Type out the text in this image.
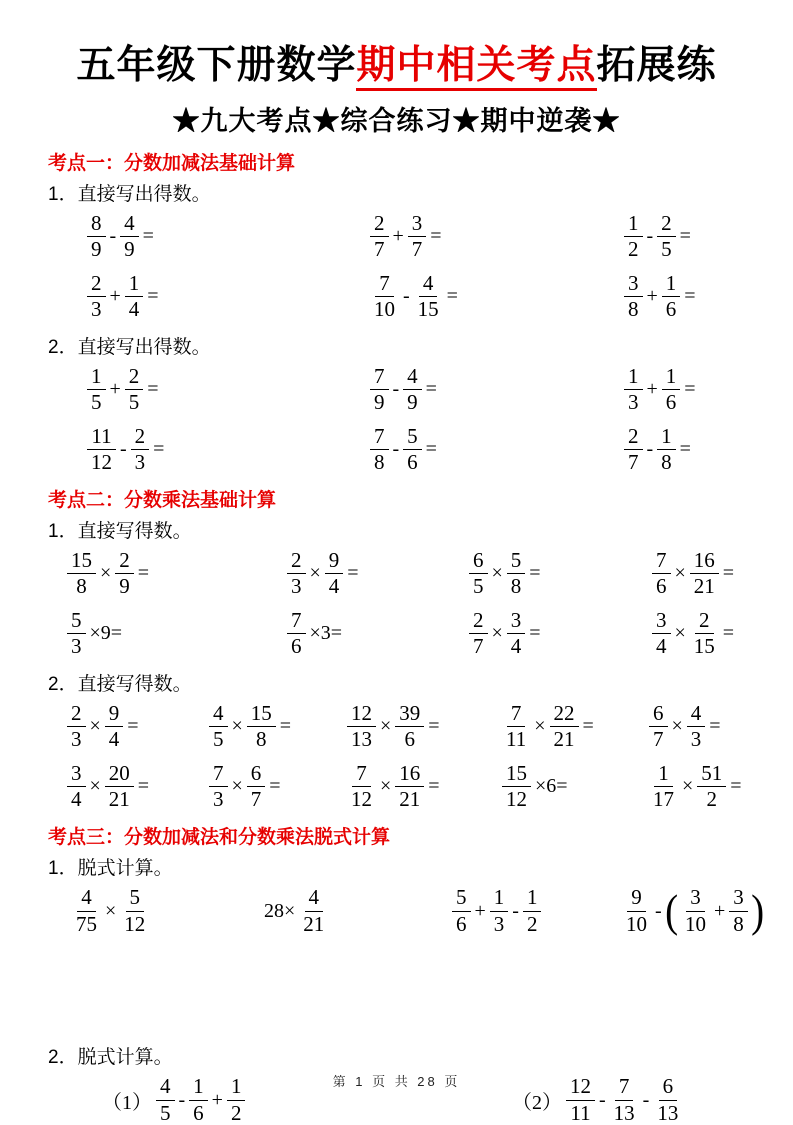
五年级下册数学期中相关考点拓展练
★九大考点★综合练习★期中逆袭★
考点一：分数加减法基础计算
1．直接写出得数。
$\frac{8}{9} - \frac{4}{9}$ =	$\frac{2}{7} + \frac{3}{7}$ =	$\frac{1}{2} - \frac{2}{5}$ =
$\frac{2}{3} + \frac{1}{4}$ =	$\frac{7}{10} - \frac{4}{15}$ =	$\frac{3}{8} + \frac{1}{6}$ =
2．直接写出得数。
$\frac{1}{5} + \frac{2}{5}$ =	$\frac{7}{9} - \frac{4}{9}$ =	$\frac{1}{3} + \frac{1}{6}$ =
$\frac{11}{12} - \frac{2}{3}$ =	$\frac{7}{8} - \frac{5}{6}$ =	$\frac{2}{7} - \frac{1}{8}$ =
考点二：分数乘法基础计算
1．直接写得数。
$\frac{15}{8} \times \frac{2}{9}$ =	$\frac{2}{3} \times \frac{9}{4}$ =	$\frac{6}{5} \times \frac{5}{8}$ =	$\frac{7}{6} \times \frac{16}{21}$ =
$\frac{5}{3} \times 9=$	$\frac{7}{6} \times 3=$	$\frac{2}{7} \times \frac{3}{4}$ =	$\frac{3}{4} \times \frac{2}{15}$ =
2．直接写得数。
$\frac{2}{3} \times \frac{9}{4}$ =	$\frac{4}{5} \times \frac{15}{8}$ =	$\frac{12}{13} \times \frac{39}{6}$ =	$\frac{7}{11} \times \frac{22}{21}$ =	$\frac{6}{7} \times \frac{4}{3}$ =
$\frac{3}{4} \times \frac{20}{21}$ =	$\frac{7}{3} \times \frac{6}{7}$ =	$\frac{7}{12} \times \frac{16}{21}$ =	$\frac{15}{12} \times 6=$	$\frac{1}{17} \times \frac{51}{2}$ =
考点三：分数加减法和分数乘法脱式计算
1．脱式计算。
$\frac{4}{75} \times \frac{5}{12}$	$28\times \frac{4}{21}$	$\frac{5}{6} + \frac{1}{3} - \frac{1}{2}$	$\frac{9}{10}$ -( $\frac{3}{10} + \frac{3}{8}$ )
2．脱式计算。
$(1) \frac{4}{5} - \frac{1}{6} + \frac{1}{2}$	$(2) \frac{12}{11} - \frac{7}{13} - \frac{6}{13}$
第 1 页 共 28 页
